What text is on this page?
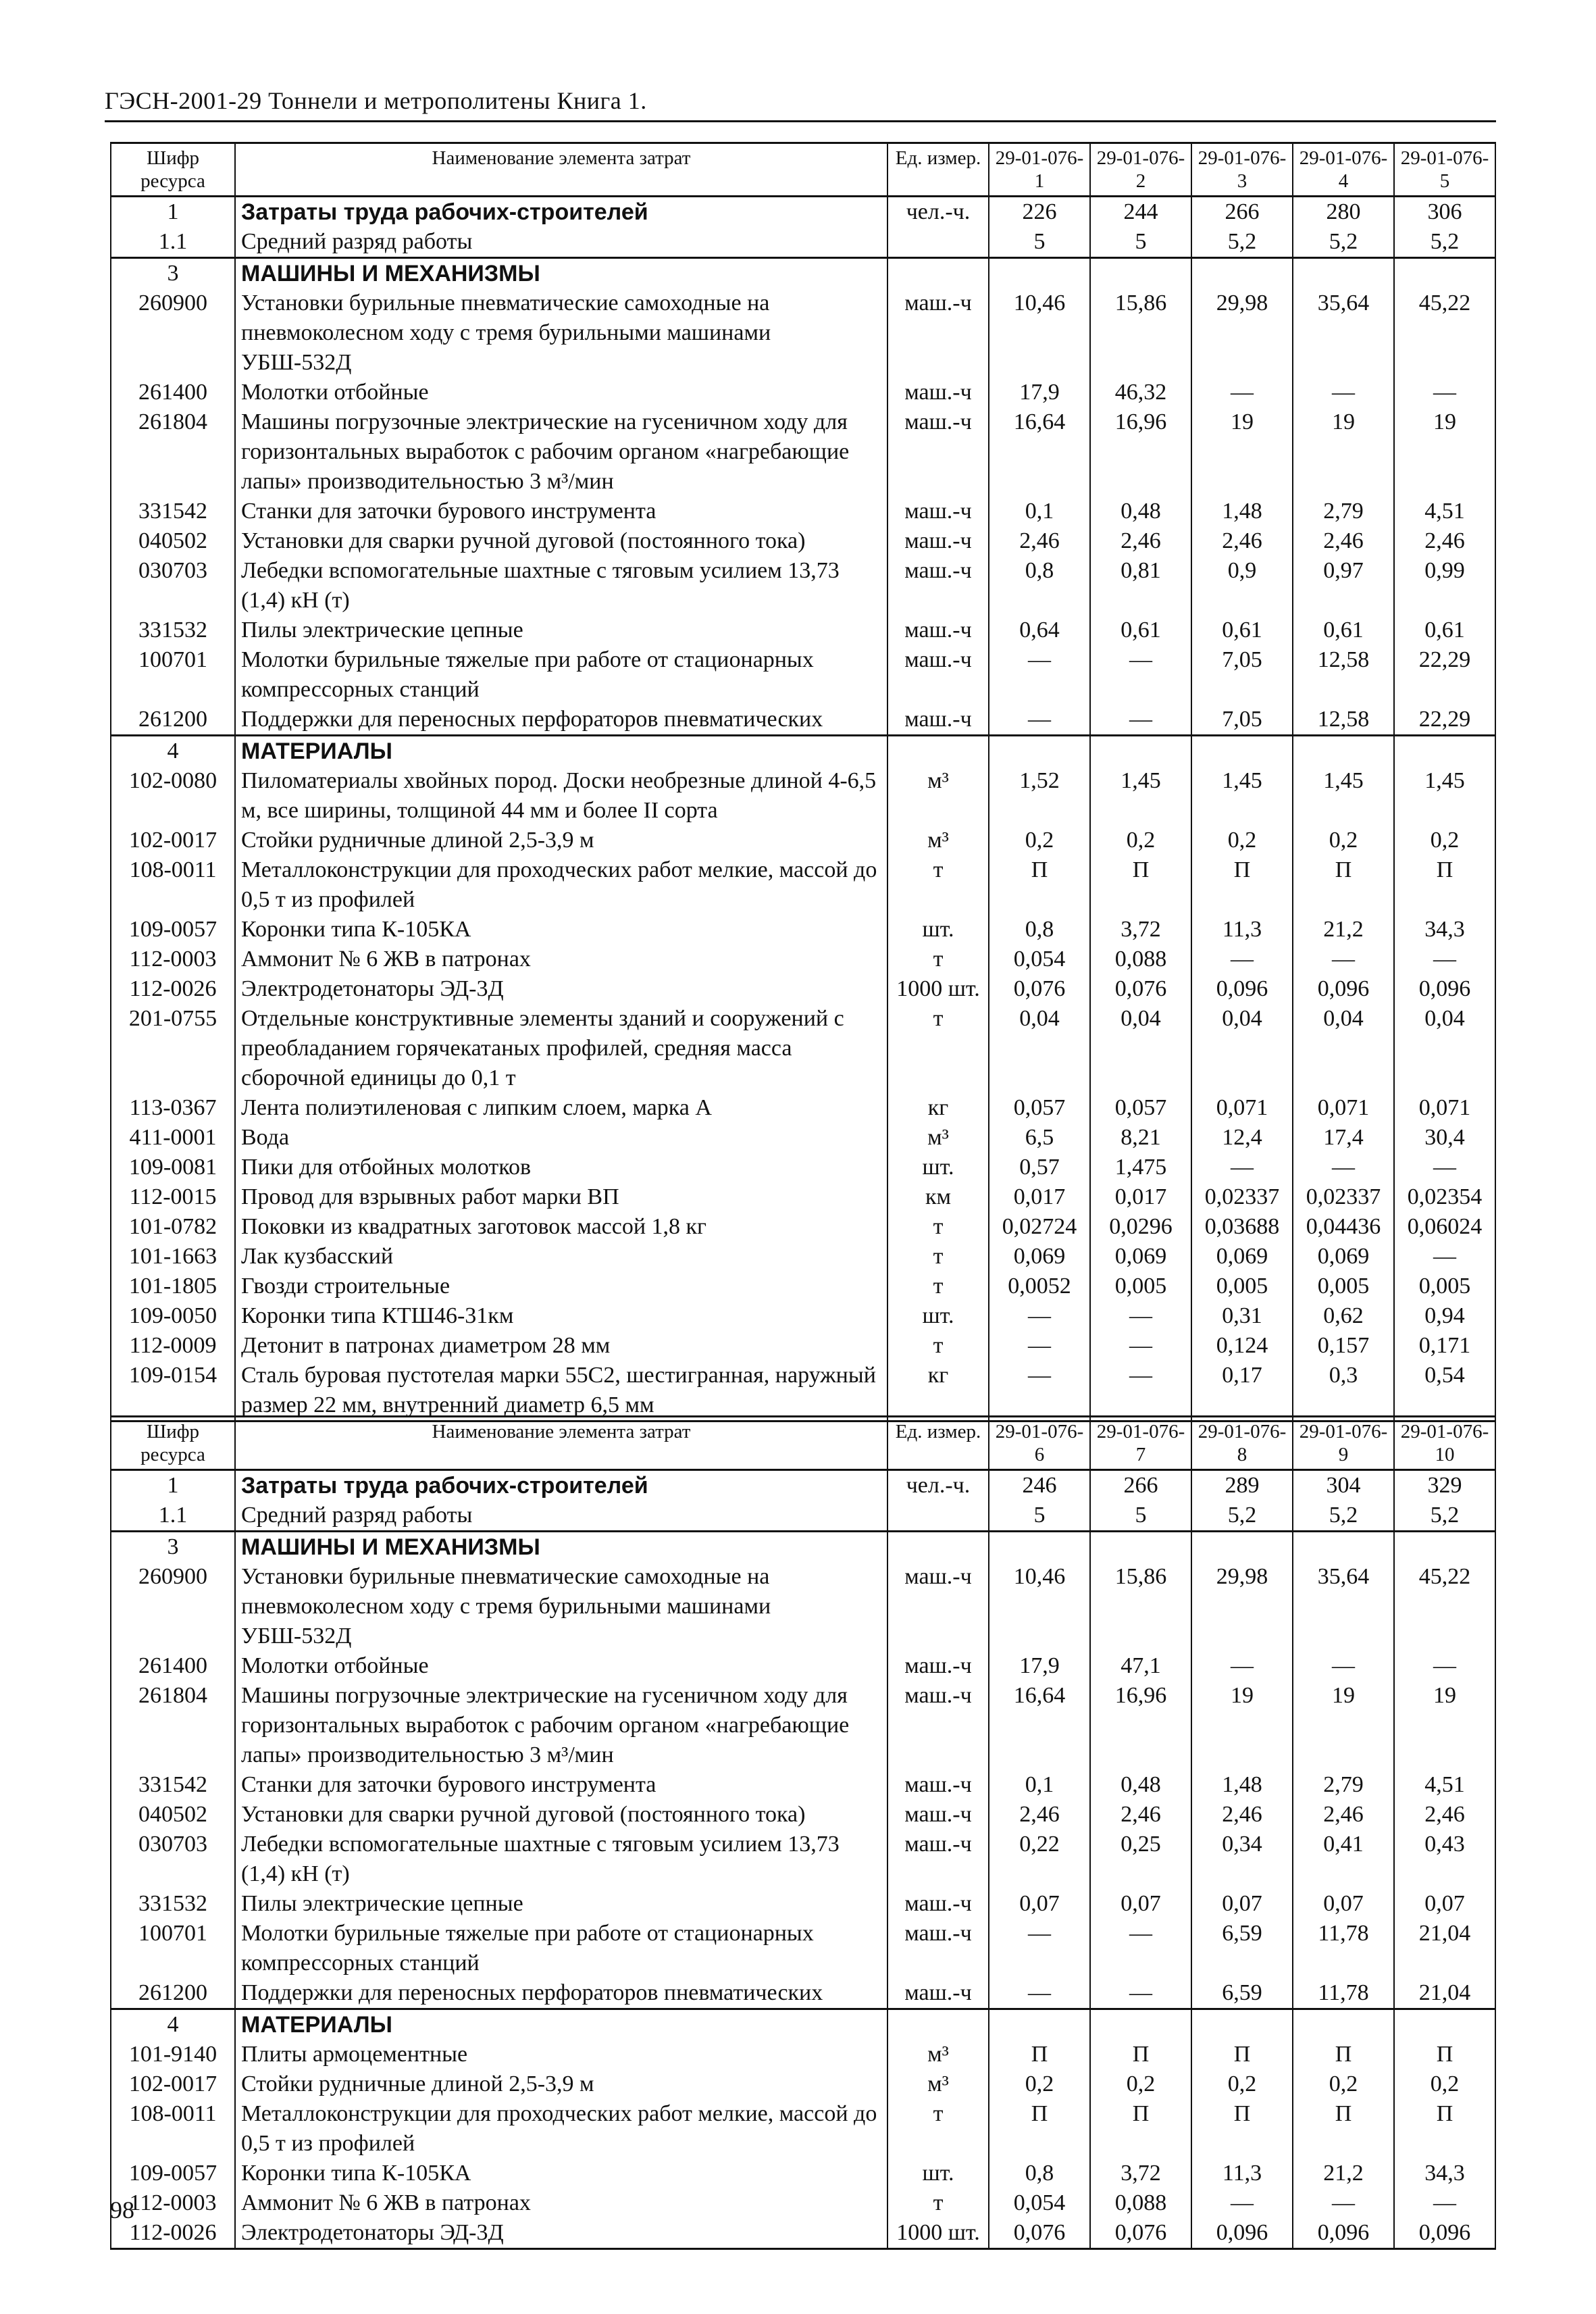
ГЭСН-2001-29 Тоннели и метрополитены Книга 1.
Шифр ресурса	Наименование элемента затрат	Ед. измер.	29-01-076-1	29-01-076-2	29-01-076-3	29-01-076-4	29-01-076-5
1	Затраты труда рабочих-строителей	чел.-ч.	226	244	266	280	306
1.1	Средний разряд работы		5	5	5,2	5,2	5,2
3	МАШИНЫ И МЕХАНИЗМЫ						
260900	Установки бурильные пневматические самоходные на пневмоколесном ходу с тремя бурильными машинами УБШ-532Д	маш.-ч	10,46	15,86	29,98	35,64	45,22
261400	Молотки отбойные	маш.-ч	17,9	46,32	—	—	—
261804	Машины погрузочные электрические на гусеничном ходу для горизонтальных выработок с рабочим органом «нагребающие лапы» производительностью 3 м³/мин	маш.-ч	16,64	16,96	19	19	19
331542	Станки для заточки бурового инструмента	маш.-ч	0,1	0,48	1,48	2,79	4,51
040502	Установки для сварки ручной дуговой (постоянного тока)	маш.-ч	2,46	2,46	2,46	2,46	2,46
030703	Лебедки вспомогательные шахтные с тяговым усилием 13,73 (1,4) кН (т)	маш.-ч	0,8	0,81	0,9	0,97	0,99
331532	Пилы электрические цепные	маш.-ч	0,64	0,61	0,61	0,61	0,61
100701	Молотки бурильные тяжелые при работе от стационарных компрессорных станций	маш.-ч	—	—	7,05	12,58	22,29
261200	Поддержки для переносных перфораторов пневматических	маш.-ч	—	—	7,05	12,58	22,29
4	МАТЕРИАЛЫ						
102-0080	Пиломатериалы хвойных пород. Доски необрезные длиной 4-6,5 м, все ширины, толщиной 44 мм и более II сорта	м³	1,52	1,45	1,45	1,45	1,45
102-0017	Стойки рудничные длиной 2,5-3,9 м	м³	0,2	0,2	0,2	0,2	0,2
108-0011	Металлоконструкции для проходческих работ мелкие, массой до 0,5 т из профилей	т	П	П	П	П	П
109-0057	Коронки типа К-105КА	шт.	0,8	3,72	11,3	21,2	34,3
112-0003	Аммонит № 6 ЖВ в патронах	т	0,054	0,088	—	—	—
112-0026	Электродетонаторы ЭД-3Д	1000 шт.	0,076	0,076	0,096	0,096	0,096
201-0755	Отдельные конструктивные элементы зданий и сооружений с преобладанием горячекатаных профилей, средняя масса сборочной единицы до 0,1 т	т	0,04	0,04	0,04	0,04	0,04
113-0367	Лента полиэтиленовая с липким слоем, марка А	кг	0,057	0,057	0,071	0,071	0,071
411-0001	Вода	м³	6,5	8,21	12,4	17,4	30,4
109-0081	Пики для отбойных молотков	шт.	0,57	1,475	—	—	—
112-0015	Провод для взрывных работ марки ВП	км	0,017	0,017	0,02337	0,02337	0,02354
101-0782	Поковки из квадратных заготовок массой 1,8 кг	т	0,02724	0,0296	0,03688	0,04436	0,06024
101-1663	Лак кузбасский	т	0,069	0,069	0,069	0,069	—
101-1805	Гвозди строительные	т	0,0052	0,005	0,005	0,005	0,005
109-0050	Коронки типа КТШ46-31км	шт.	—	—	0,31	0,62	0,94
112-0009	Детонит в патронах диаметром 28 мм	т	—	—	0,124	0,157	0,171
109-0154	Сталь буровая пустотелая марки 55С2, шестигранная, наружный размер 22 мм, внутренний диаметр 6,5 мм	кг	—	—	0,17	0,3	0,54
Шифр ресурса	Наименование элемента затрат	Ед. измер.	29-01-076-6	29-01-076-7	29-01-076-8	29-01-076-9	29-01-076-10
1	Затраты труда рабочих-строителей	чел.-ч.	246	266	289	304	329
1.1	Средний разряд работы		5	5	5,2	5,2	5,2
3	МАШИНЫ И МЕХАНИЗМЫ						
260900	Установки бурильные пневматические самоходные на пневмоколесном ходу с тремя бурильными машинами УБШ-532Д	маш.-ч	10,46	15,86	29,98	35,64	45,22
261400	Молотки отбойные	маш.-ч	17,9	47,1	—	—	—
261804	Машины погрузочные электрические на гусеничном ходу для горизонтальных выработок с рабочим органом «нагребающие лапы» производительностью 3 м³/мин	маш.-ч	16,64	16,96	19	19	19
331542	Станки для заточки бурового инструмента	маш.-ч	0,1	0,48	1,48	2,79	4,51
040502	Установки для сварки ручной дуговой (постоянного тока)	маш.-ч	2,46	2,46	2,46	2,46	2,46
030703	Лебедки вспомогательные шахтные с тяговым усилием 13,73 (1,4) кН (т)	маш.-ч	0,22	0,25	0,34	0,41	0,43
331532	Пилы электрические цепные	маш.-ч	0,07	0,07	0,07	0,07	0,07
100701	Молотки бурильные тяжелые при работе от стационарных компрессорных станций	маш.-ч	—	—	6,59	11,78	21,04
261200	Поддержки для переносных перфораторов пневматических	маш.-ч	—	—	6,59	11,78	21,04
4	МАТЕРИАЛЫ						
101-9140	Плиты армоцементные	м³	П	П	П	П	П
102-0017	Стойки рудничные длиной 2,5-3,9 м	м³	0,2	0,2	0,2	0,2	0,2
108-0011	Металлоконструкции для проходческих работ мелкие, массой до 0,5 т из профилей	т	П	П	П	П	П
109-0057	Коронки типа К-105КА	шт.	0,8	3,72	11,3	21,2	34,3
112-0003	Аммонит № 6 ЖВ в патронах	т	0,054	0,088	—	—	—
112-0026	Электродетонаторы ЭД-3Д	1000 шт.	0,076	0,076	0,096	0,096	0,096
98
